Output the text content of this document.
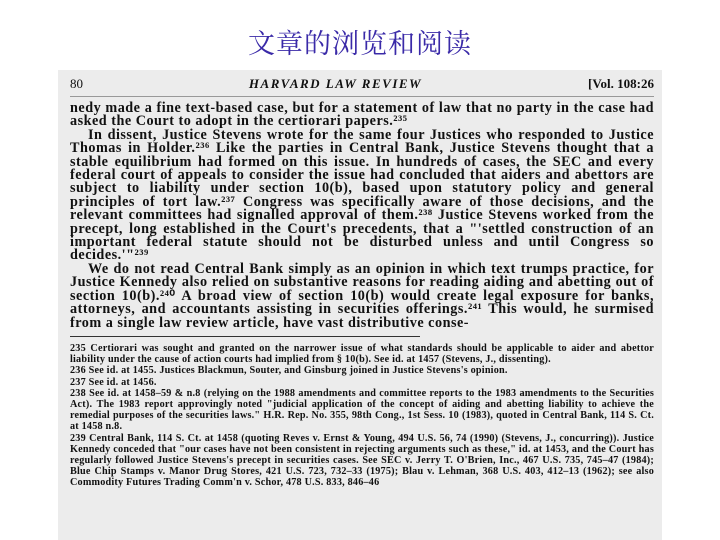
文章的浏览和阅读
80	HARVARD LAW REVIEW	[Vol. 108:26

nedy made a fine text-based case, but for a statement of law that no party in the case had asked the Court to adopt in the certiorari papers.²³⁵

In dissent, Justice Stevens wrote for the same four Justices who responded to Justice Thomas in Holder.²³⁶ Like the parties in Central Bank, Justice Stevens thought that a stable equilibrium had formed on this issue. In hundreds of cases, the SEC and every federal court of appeals to consider the issue had concluded that aiders and abettors are subject to liability under section 10(b), based upon statutory policy and general principles of tort law.²³⁷ Congress was specifically aware of those decisions, and the relevant committees had signalled approval of them.²³⁸ Justice Stevens worked from the precept, long established in the Court's precedents, that a "'settled construction of an important federal statute should not be disturbed unless and until Congress so decides.'"²³⁹

We do not read Central Bank simply as an opinion in which text trumps practice, for Justice Kennedy also relied on substantive reasons for reading aiding and abetting out of section 10(b).²⁴⁰ A broad view of section 10(b) would create legal exposure for banks, attorneys, and accountants assisting in securities offerings.²⁴¹ This would, he surmised from a single law review article, have vast distributive conse-

235 Certiorari was sought and granted on the narrower issue of what standards should be applicable to aider and abettor liability under the cause of action courts had implied from § 10(b). See id. at 1457 (Stevens, J., dissenting).

236 See id. at 1455. Justices Blackmun, Souter, and Ginsburg joined in Justice Stevens's opinion.

237 See id. at 1456.

238 See id. at 1458–59 & n.8 (relying on the 1988 amendments and committee reports to the 1983 amendments to the Securities Act). The 1983 report approvingly noted "judicial application of the concept of aiding and abetting liability to achieve the remedial purposes of the securities laws." H.R. Rep. No. 355, 98th Cong., 1st Sess. 10 (1983), quoted in Central Bank, 114 S. Ct. at 1458 n.8.

239 Central Bank, 114 S. Ct. at 1458 (quoting Reves v. Ernst & Young, 494 U.S. 56, 74 (1990) (Stevens, J., concurring)). Justice Kennedy conceded that "our cases have not been consistent in rejecting arguments such as these," id. at 1453, and the Court has regularly followed Justice Stevens's precept in securities cases. See SEC v. Jerry T. O'Brien, Inc., 467 U.S. 735, 745–47 (1984); Blue Chip Stamps v. Manor Drug Stores, 421 U.S. 723, 732–33 (1975); Blau v. Lehman, 368 U.S. 403, 412–13 (1962); see also Commodity Futures Trading Comm'n v. Schor, 478 U.S. 833, 846–46
